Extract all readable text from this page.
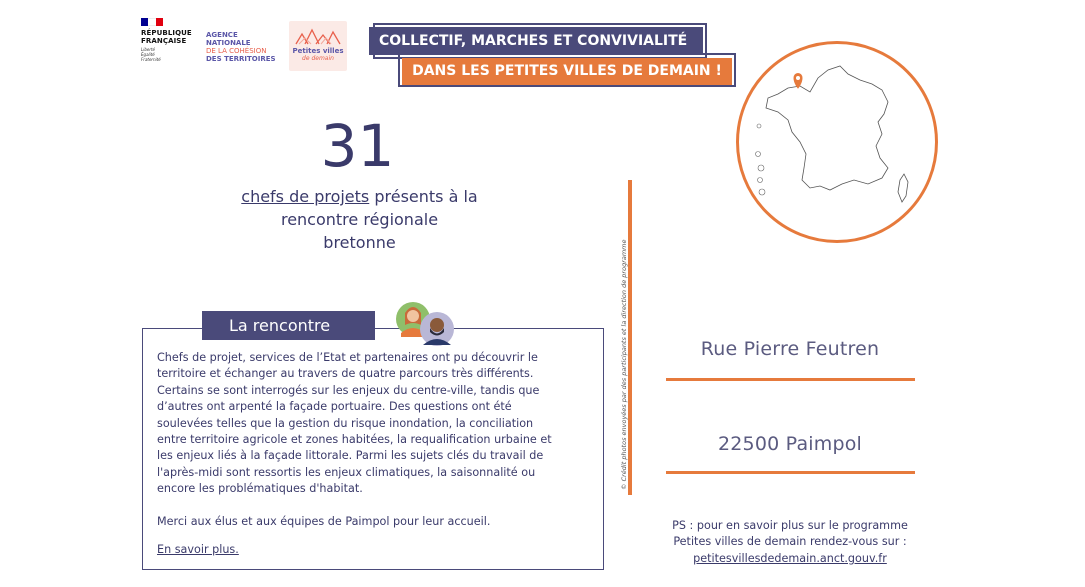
RÉPUBLIQUE
FRANÇAISE
Liberté
Égalité
Fraternité
AGENCE
NATIONALE
DE LA COHÉSION
DES TERRITOIRES
Petites villes
de demain
COLLECTIF, MARCHES ET CONVIVIALITÉ
DANS LES PETITES VILLES DE DEMAIN !
31
chefs de projets présents à la
rencontre régionale
bretonne	© Crédit photos envoyées par des participants et la direction de programme
La rencontre
Chefs de projet, services de l’Etat et partenaires ont pu découvrir le
territoire et échanger au travers de quatre parcours très différents.
Certains se sont interrogés sur les enjeux du centre-ville, tandis que
d’autres ont arpenté la façade portuaire. Des questions ont été
soulevées telles que la gestion du risque inondation, la conciliation
entre territoire agricole et zones habitées, la requalification urbaine et
les enjeux liés à la façade littorale. Parmi les sujets clés du travail de
l'après-midi sont ressortis les enjeux climatiques, la saisonnalité ou
encore les problématiques d'habitat.
Merci aux élus et aux équipes de Paimpol pour leur accueil.
En savoir plus.
Rue Pierre Feutren
22500 Paimpol
PS : pour en savoir plus sur le programme
Petites villes de demain rendez-vous sur :
petitesvillesdedemain.anct.gouv.fr
